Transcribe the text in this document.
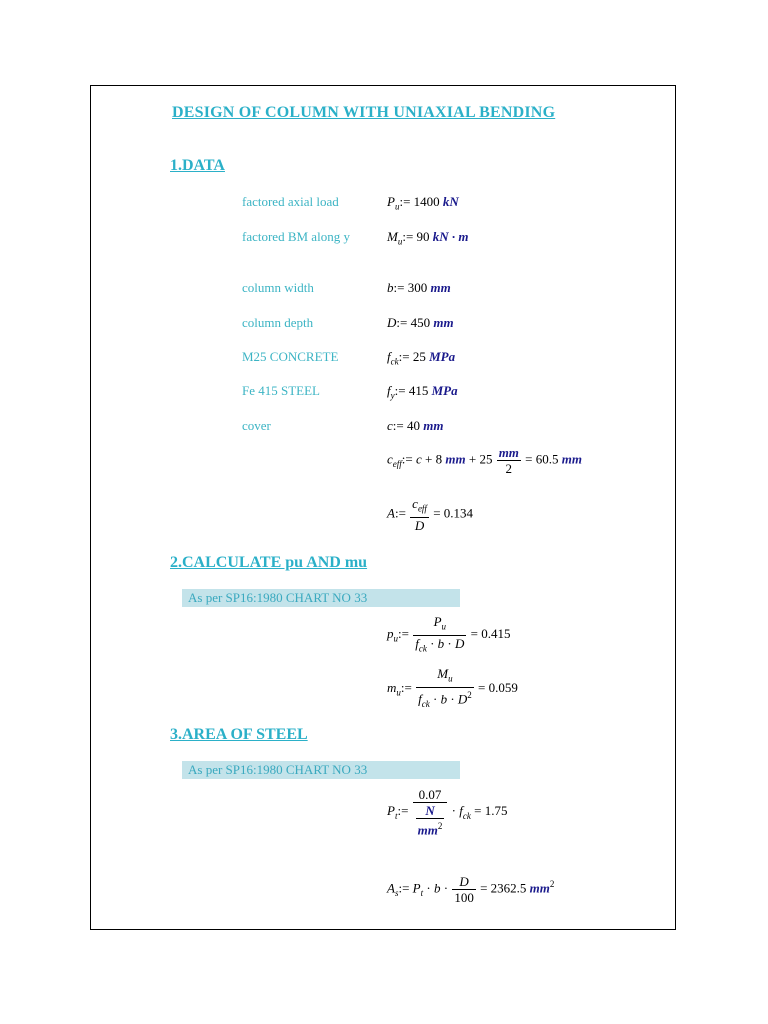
DESIGN OF COLUMN WITH UNIAXIAL BENDING
1.DATA
factored axial load	$P_u:= 1400$ kN
factored BM along y	$M_u:= 90$ kN · m
column width	b:= 300 mm
column depth	D:= 450 mm
M25 CONCRETE	$f_{ck}:= 25$ MPa
Fe 415 STEEL	$f_y:= 415$ MPa
cover	c:= 40 mm
$c_{eff}:= c + 8$ mm + $25 \frac{mm}{2} = 60.5$ mm
A:= $\frac{c_{eff}}{D} = 0.134$
2.CALCULATE pu AND mu
As per SP16:1980 CHART NO 33
$p_u:= \frac{P_u}{f_{ck} \cdot b \cdot D} = 0.415$
$m_u:= \frac{M_u}{f_{ck} \cdot b \cdot D^2} = 0.059$
3.AREA OF STEEL
As per SP16:1980 CHART NO 33
$P_t:= \frac{0.07}{\frac{N}{mm^2}} \cdot f_{ck} = 1.75$
$A_s:= P_t \cdot b \cdot \frac{D}{100} = 2362.5$ $mm^2$
